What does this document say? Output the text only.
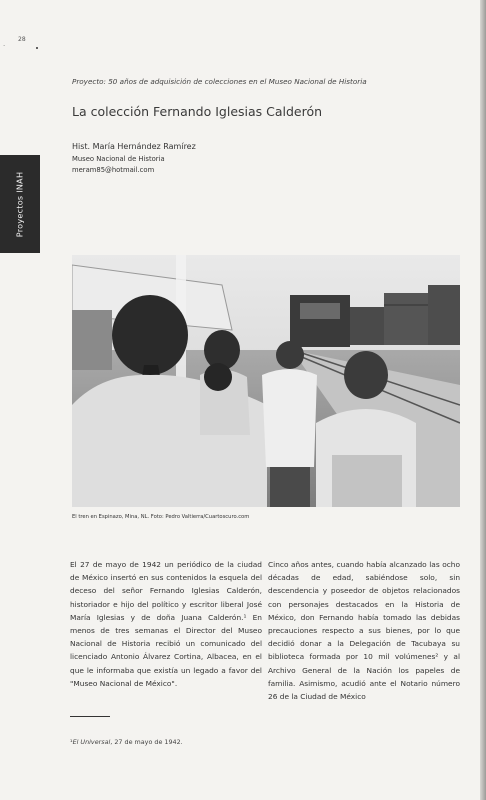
28
·
Proyectos INAH
Proyecto: 50 años de adquisición de colecciones en el Museo Nacional de Historia
La colección Fernando Iglesias Calderón
Hist. María Hernández Ramírez
Museo Nacional de Historia
meram85@hotmail.com
El tren en Espinazo, Mina, NL. Foto: Pedro Valtierra/Cuartoscuro.com
El 27 de mayo de 1942 un periódico de la ciudad de México insertó en sus contenidos la esquela del deceso del señor Fernando Iglesias Calderón, historiador e hijo del político y escritor liberal José María Iglesias y de doña Juana Calderón.¹ En menos de tres semanas el Director del Museo Nacional de Historia recibió un comunicado del licenciado Antonio Álvarez Cortina, Albacea, en el que le informaba que existía un legado a favor del "Museo Nacional de México".
Cinco años antes, cuando había alcanzado las ocho décadas de edad, sabiéndose solo, sin descendencia y poseedor de objetos relacionados con personajes destacados en la Historia de México, don Fernando había tomado las debidas precauciones respecto a sus bienes, por lo que decidió donar a la Delegación de Tacubaya su biblioteca formada por 10 mil volúmenes² y al Archivo General de la Nación los papeles de familia. Asimismo, acudió ante el Notario número 26 de la Ciudad de México
¹El Universal, 27 de mayo de 1942.
